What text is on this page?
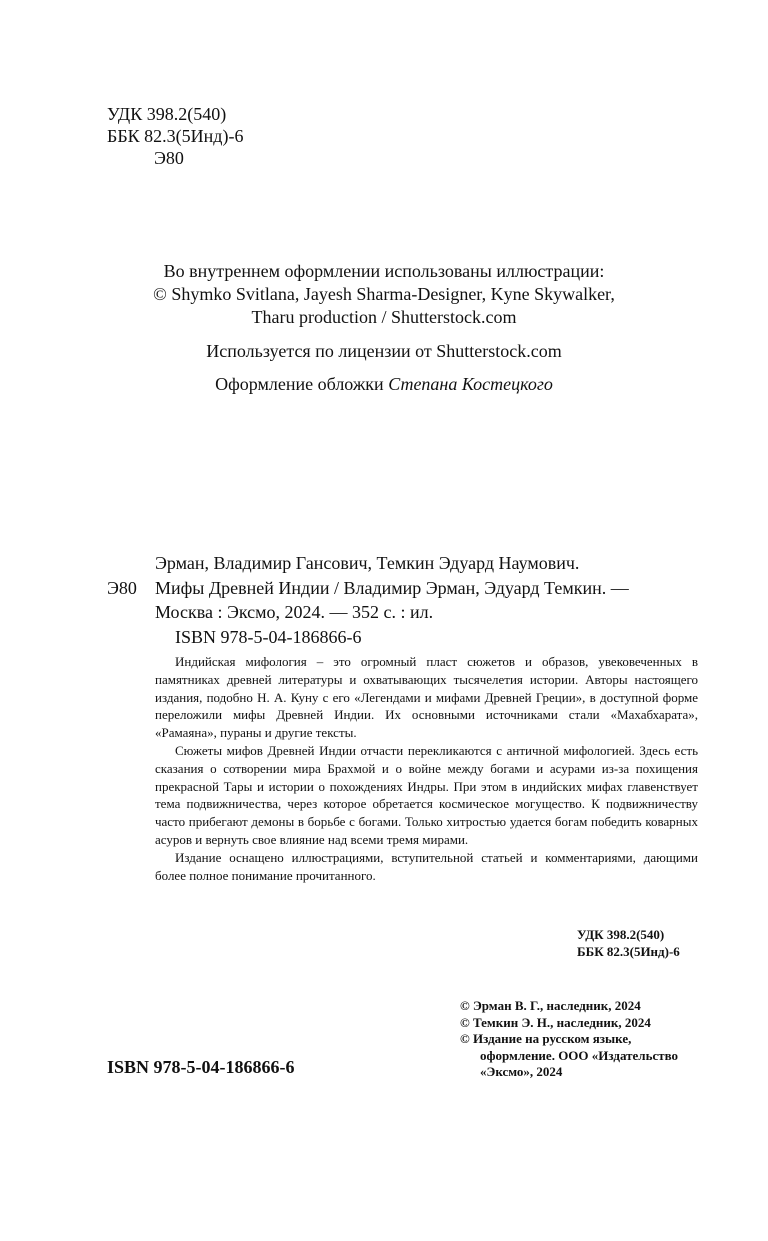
УДК 398.2(540)
ББК 82.3(5Инд)-6
Э80

Во внутреннем оформлении использованы иллюстрации:

© Shymko Svitlana, Jayesh Sharma-Designer, Kyne Skywalker,

Tharu production / Shutterstock.com

Используется по лицензии от Shutterstock.com

Оформление обложки Степана Костецкого

Эрман, Владимир Гансович, Темкин Эдуард Наумович.
Э80 Мифы Древней Индии / Владимир Эрман, Эдуард Темкин. —
Москва : Эксмо, 2024. — 352 с. : ил.
ISBN 978-5-04-186866-6

Индийская мифология – это огромный пласт сюжетов и образов, увековеченных в памятниках древней литературы и охватывающих тысячелетия истории. Авторы настоящего издания, подобно Н. А. Куну с его «Легендами и мифами Древней Греции», в доступной форме переложили мифы Древней Индии. Их основными источниками стали «Махабхарата», «Рамаяна», пураны и другие тексты.

Сюжеты мифов Древней Индии отчасти перекликаются с античной мифологией. Здесь есть сказания о сотворении мира Брахмой и о войне между богами и асурами из-за похищения прекрасной Тары и истории о похождениях Индры. При этом в индийских мифах главенствует тема подвижничества, через которое обретается космическое могущество. К подвижничеству часто прибегают демоны в борьбе с богами. Только хитростью удается богам победить коварных асуров и вернуть свое влияние над всеми тремя мирами.

Издание оснащено иллюстрациями, вступительной статьей и комментариями, дающими более полное понимание прочитанного.

УДК 398.2(540)
ББК 82.3(5Инд)-6
© Эрман В. Г., наследник, 2024
© Темкин Э. Н., наследник, 2024
© Издание на русском языке,
оформление. ООО «Издательство
«Эксмо», 2024
ISBN 978-5-04-186866-6
